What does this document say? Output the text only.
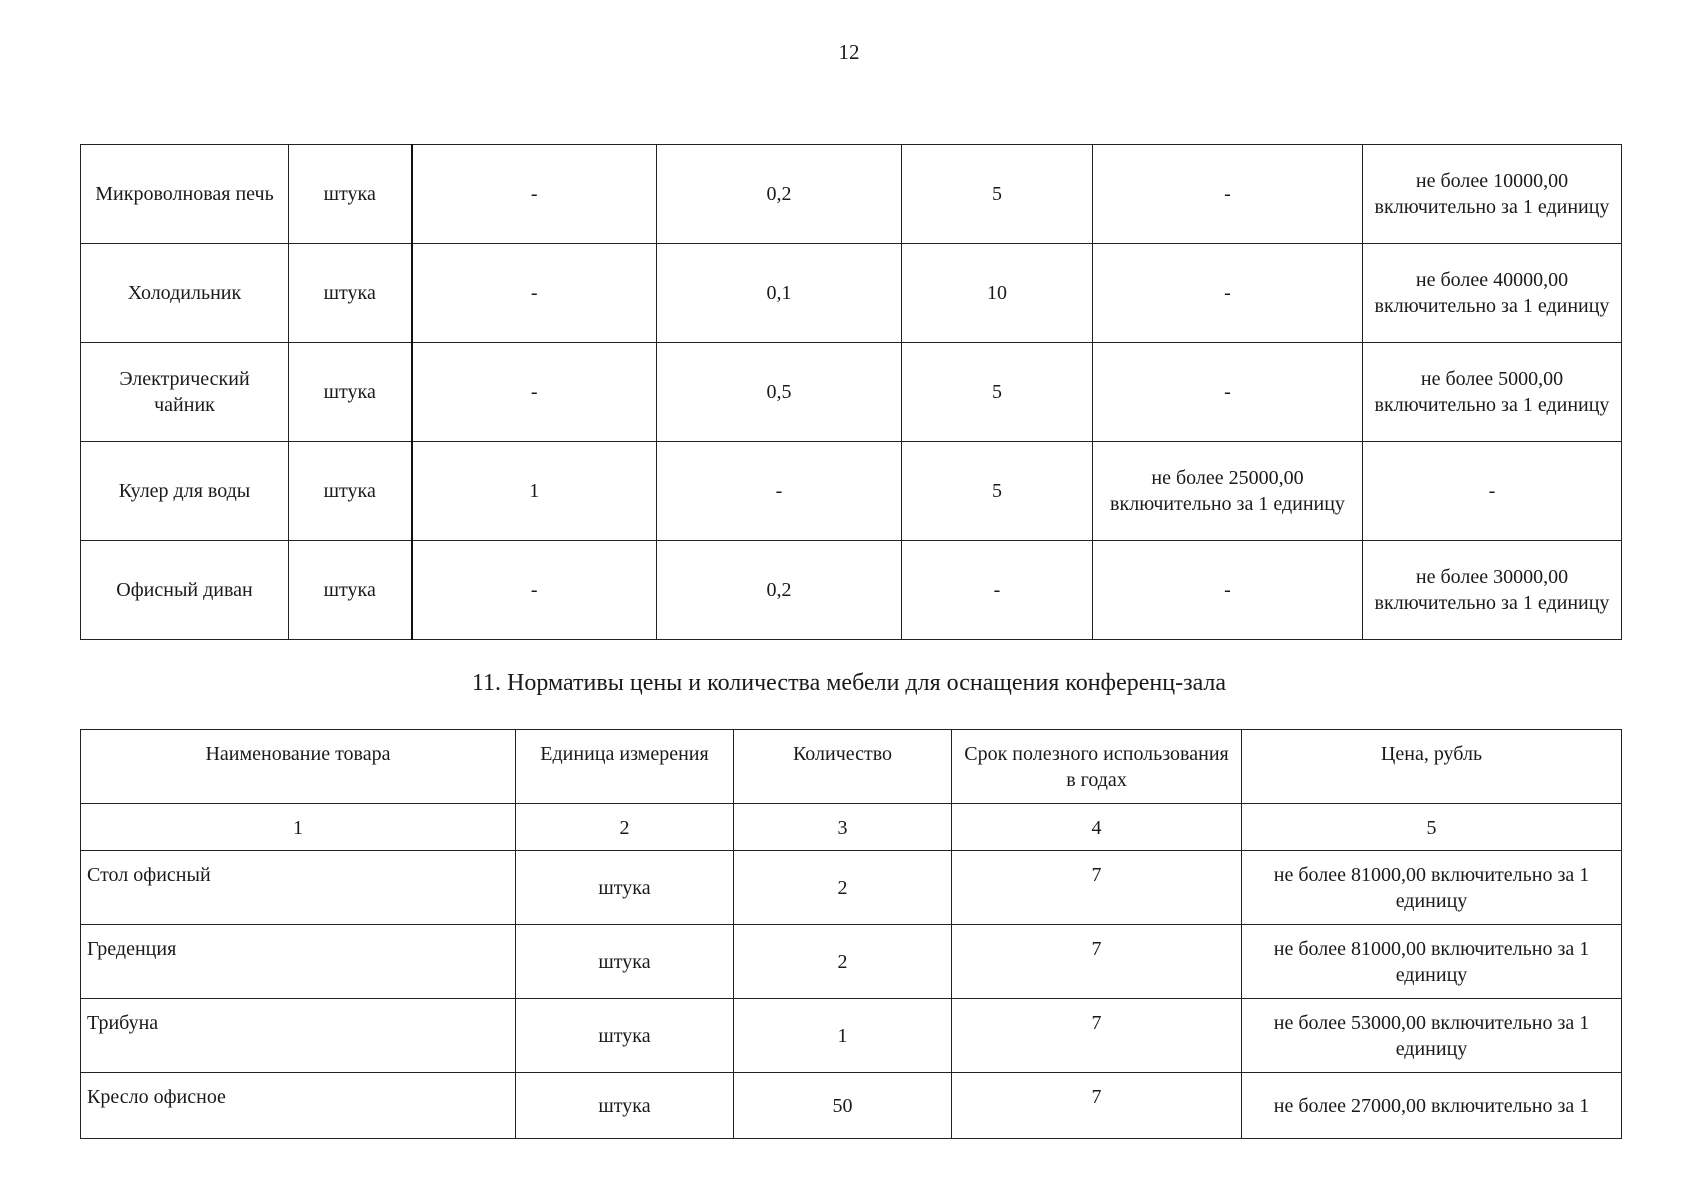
12
Микроволновая печь	штука	-	0,2	5	-	не более 10000,00 включительно за 1 единицу
Холодильник	штука	-	0,1	10	-	не более 40000,00 включительно за 1 единицу
Электрический чайник	штука	-	0,5	5	-	не более 5000,00 включительно за 1 единицу
Кулер для воды	штука	1	-	5	не более 25000,00 включительно за 1 единицу	-
Офисный диван	штука	-	0,2	-	-	не более 30000,00 включительно за 1 единицу
11. Нормативы цены и количества мебели для оснащения конференц-зала
Наименование товара	Единица измерения	Количество	Срок полезного использования в годах	Цена, рубль
1	2	3	4	5
Стол офисный	штука	2	7	не более 81000,00 включительно за 1 единицу
Греденция	штука	2	7	не более 81000,00 включительно за 1 единицу
Трибуна	штука	1	7	не более 53000,00 включительно за 1 единицу
Кресло офисное	штука	50	7	не более 27000,00 включительно за 1
